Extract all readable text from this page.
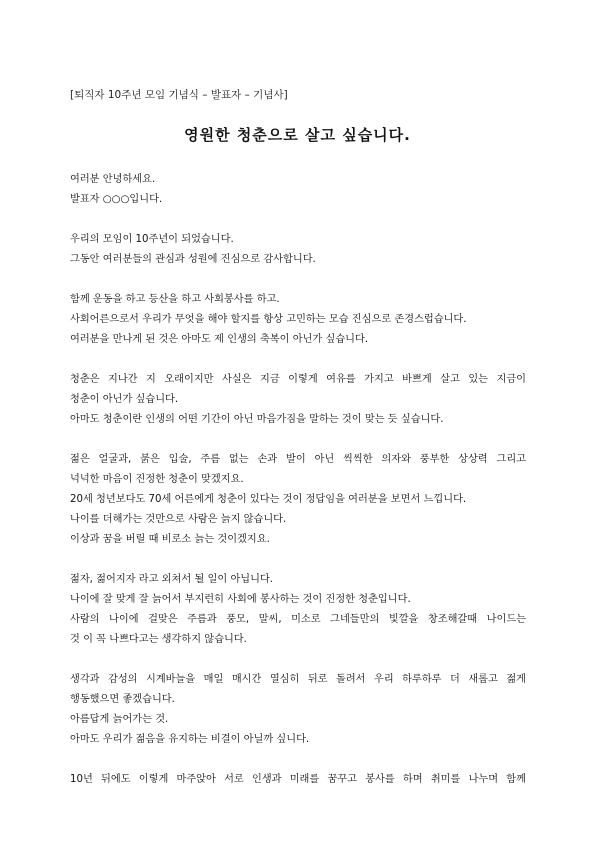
[퇴직자 10주년 모임 기념식 – 발표자 – 기념사]
영원한 청춘으로 살고 싶습니다.
여러분 안녕하세요.
발표자 ○○○입니다.
우리의 모임이 10주년이 되었습니다.
그동안 여러분들의 관심과 성원에 진심으로 감사합니다.
함께 운동을 하고 등산을 하고 사회봉사를 하고.
사회어른으로서 우리가 무엇을 해야 할지를 항상 고민하는 모습 진심으로 존경스럽습니다.
여러분을 만나게 된 것은 아마도 제 인생의 축복이 아닌가 싶습니다.
청춘은 지나간 지 오래이지만 사실은 지금 이렇게 여유를 가지고 바쁘게 살고 있는 지금이
청춘이 아닌가 싶습니다.
아마도 청춘이란 인생의 어떤 기간이 아닌 마음가짐을 말하는 것이 맞는 듯 싶습니다.
젊은 얼굴과, 붉은 입술, 주름 없는 손과 발이 아닌 씩씩한 의자와 풍부한 상상력 그리고
넉넉한 마음이 진정한 청춘이 맞겠지요.
20세 청년보다도 70세 어른에게 청춘이 있다는 것이 정답임을 여러분을 보면서 느낍니다.
나이를 더해가는 것만으로 사람은 늙지 않습니다.
이상과 꿈을 버릴 때 비로소 늙는 것이겠지요.
젊자, 젊어지자 라고 외쳐서 될 일이 아닙니다.
나이에 잘 맞게 잘 늙어서 부지런히 사회에 봉사하는 것이 진정한 청춘입니다.
사람의 나이에 걸맞은 주름과 풍모, 말씨, 미소로 그네들만의 빛깔을 창조해갈때 나이드는
것 이 꼭 나쁘다고는 생각하지 않습니다.
생각과 감성의 시계바늘을 매일 매시간 열심히 뒤로 돌려서 우리 하루하루 더 새롭고 젊게
행동했으면 좋겠습니다.
아름답게 늙어가는 것.
아마도 우리가 젊음을 유지하는 비결이 아닐까 싶니다.
10년 뒤에도 이렇게 마주앉아 서로 인생과 미래를 꿈꾸고 봉사를 하며 취미를 나누며 함께
